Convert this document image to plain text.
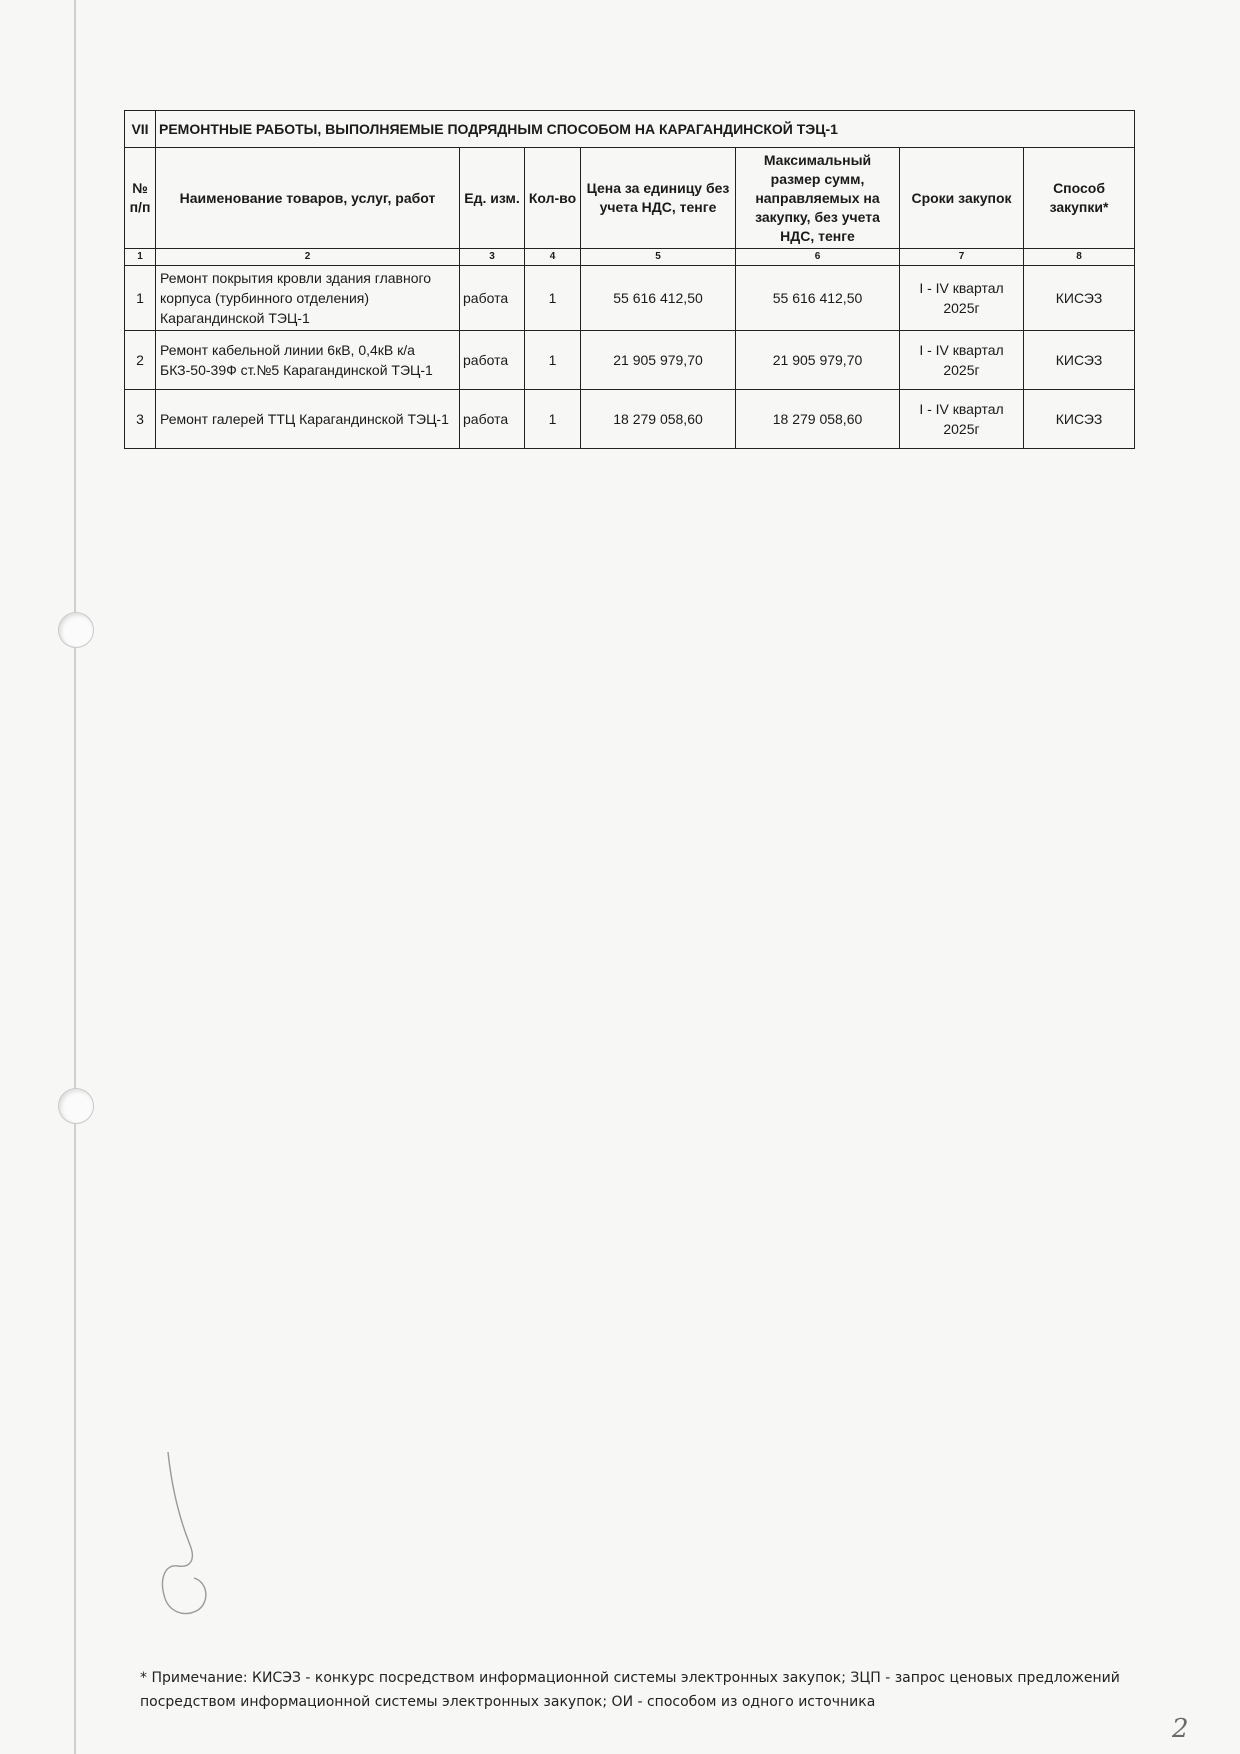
VII	РЕМОНТНЫЕ РАБОТЫ, ВЫПОЛНЯЕМЫЕ ПОДРЯДНЫМ СПОСОБОМ НА КАРАГАНДИНСКОЙ ТЭЦ-1						
№ п/п	Наименование товаров, услуг, работ	Ед. изм.	Кол-во	Цена за единицу без учета НДС, тенге	Максимальный размер сумм, направляемых на закупку, без учета НДС, тенге	Сроки закупок	Способ закупки*
1	2	3	4	5	6	7	8
1	Ремонт покрытия кровли здания главного корпуса (турбинного отделения) Карагандинской ТЭЦ-1	работа	1	55 616 412,50	55 616 412,50	I - IV квартал 2025г	КИСЭЗ
2	Ремонт кабельной линии 6кВ, 0,4кВ к/а БКЗ-50-39Ф ст.№5 Карагандинской ТЭЦ-1	работа	1	21 905 979,70	21 905 979,70	I - IV квартал 2025г	КИСЭЗ
3	Ремонт галерей ТТЦ Карагандинской ТЭЦ-1	работа	1	18 279 058,60	18 279 058,60	I - IV квартал 2025г	КИСЭЗ
* Примечание: КИСЭЗ - конкурс посредством информационной системы электронных закупок; ЗЦП - запрос ценовых предложений посредством информационной системы электронных закупок; ОИ - способом из одного источника
2
